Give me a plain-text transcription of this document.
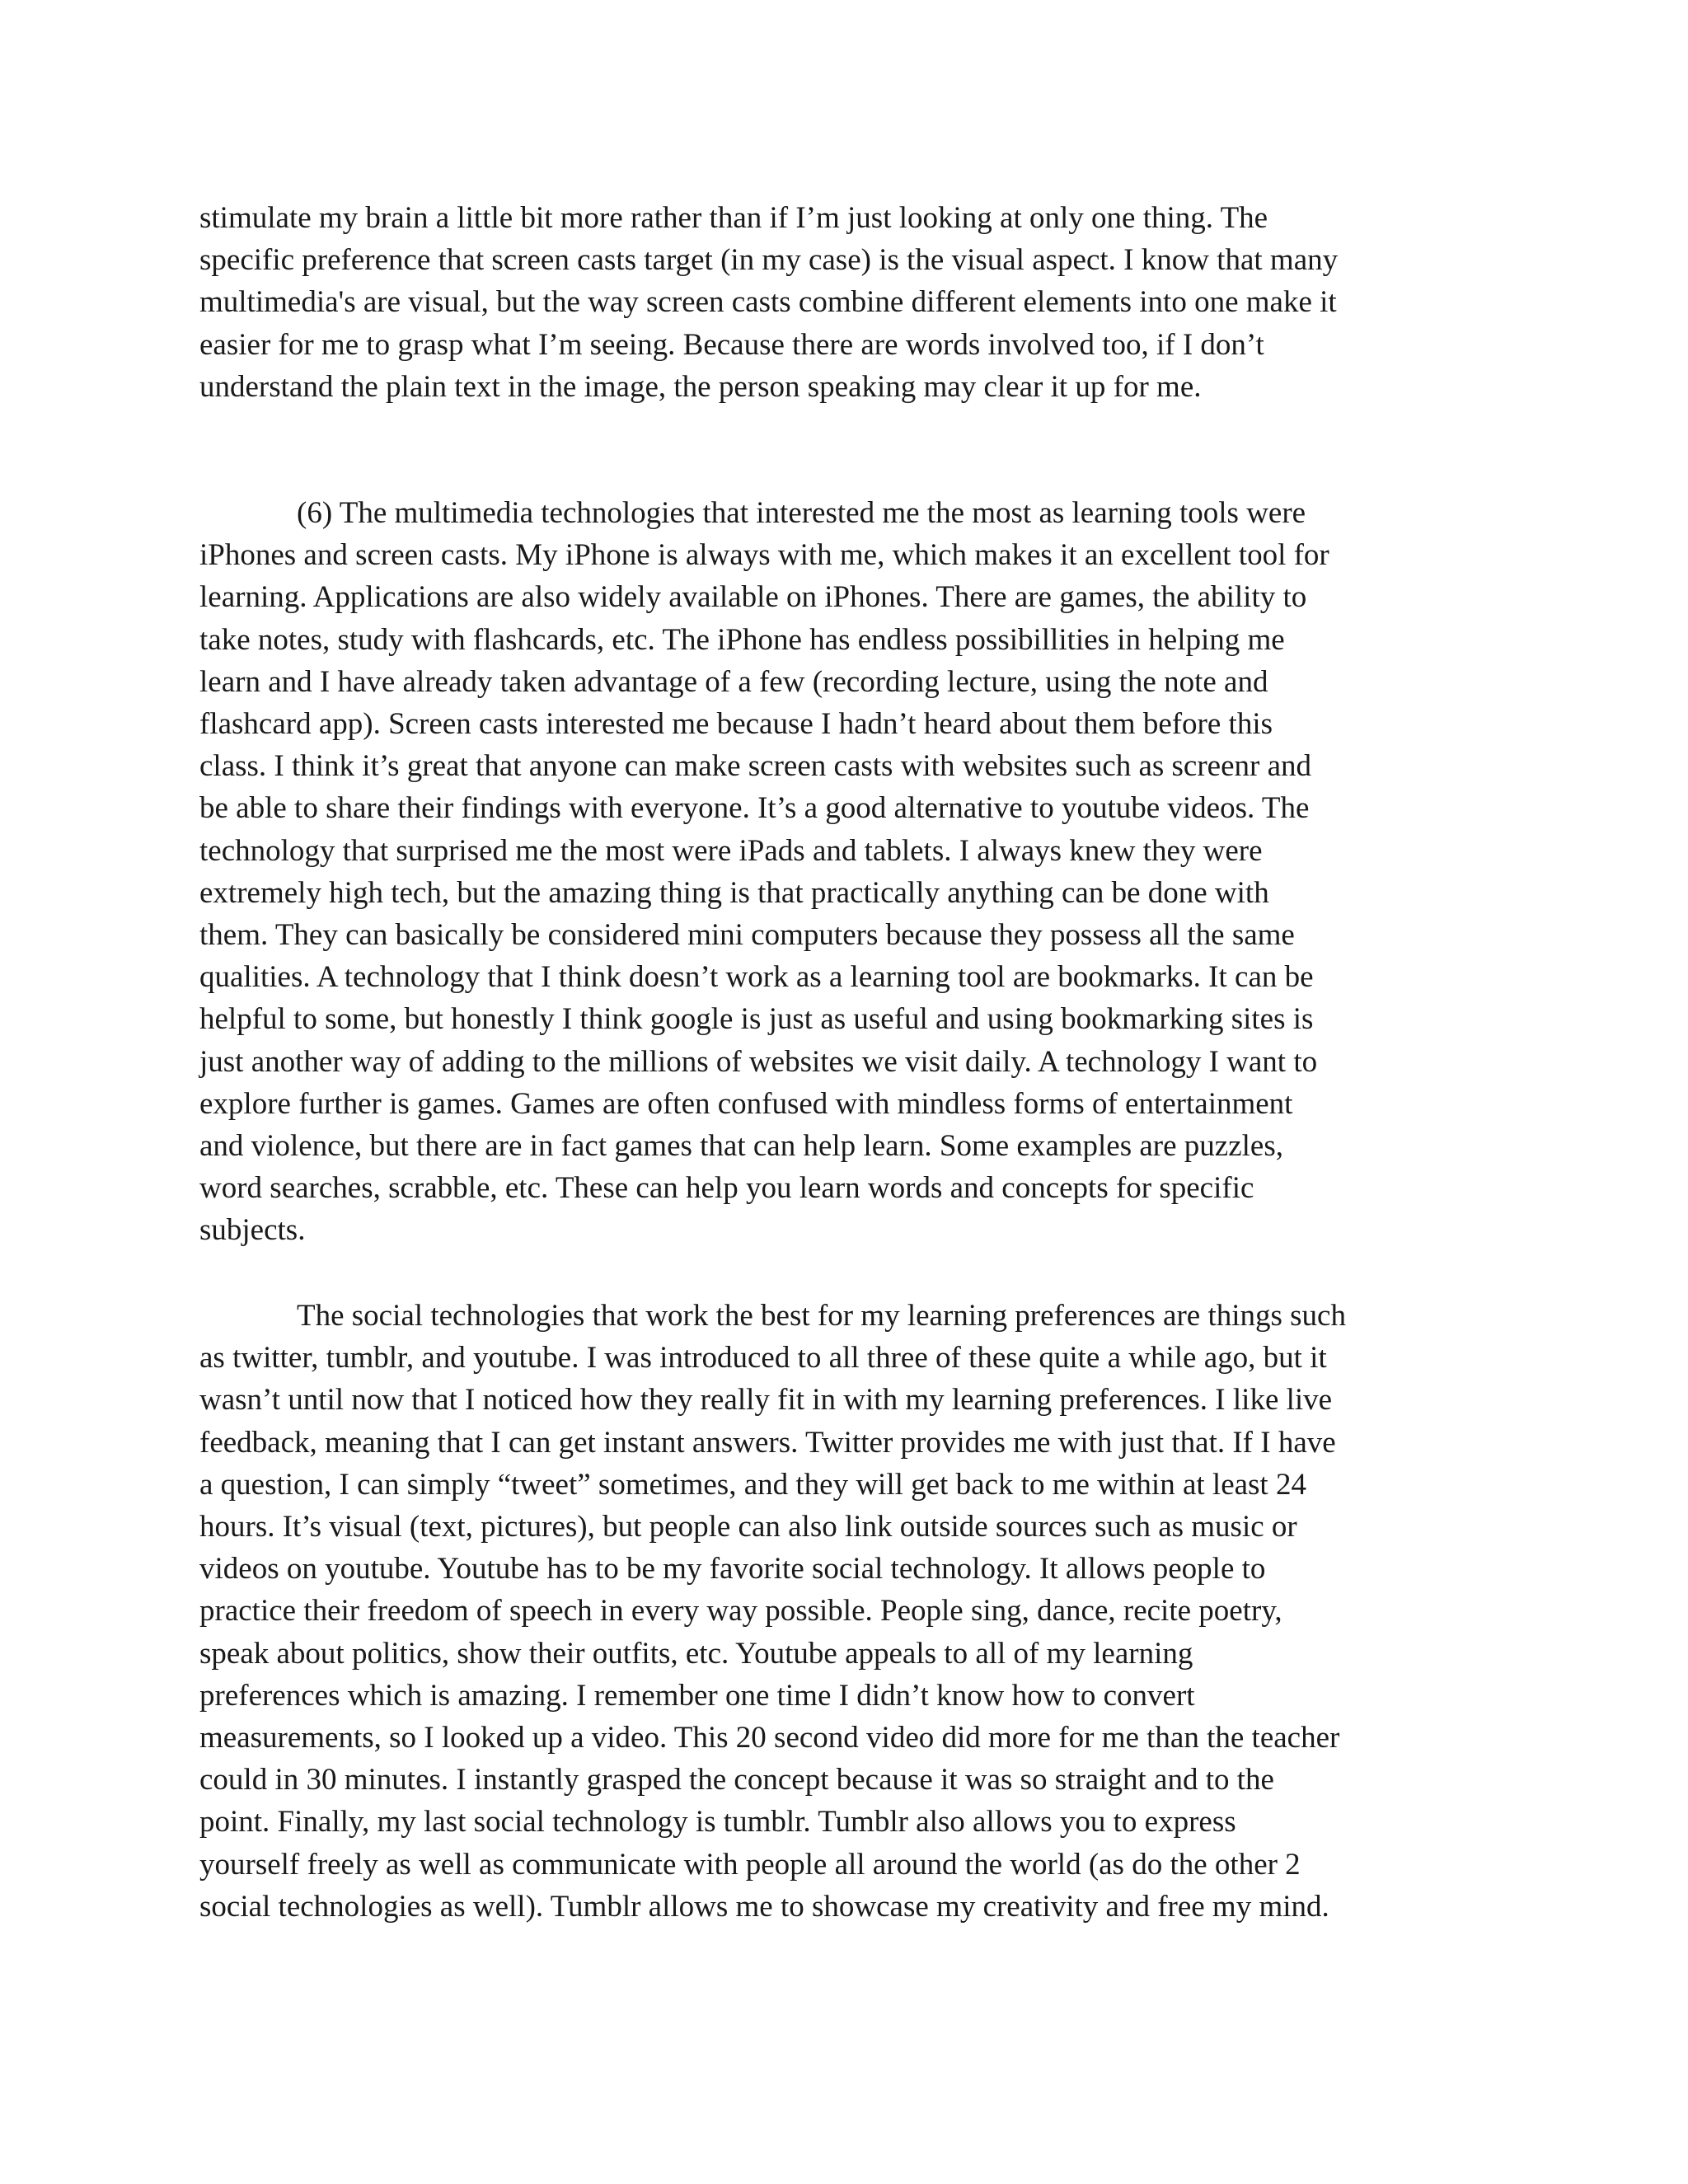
stimulate my brain a little bit more rather than if I’m just looking at only one thing. The
specific preference that screen casts target (in my case) is the visual aspect. I know that many
multimedia's are visual, but the way screen casts combine different elements into one make it
easier for me to grasp what I’m seeing. Because there are words involved too, if I don’t
understand the plain text in the image, the person speaking may clear it up for me.
(6) The multimedia technologies that interested me the most as learning tools were
iPhones and screen casts. My iPhone is always with me, which makes it an excellent tool for
learning. Applications are also widely available on iPhones. There are games, the ability to
take notes, study with flashcards, etc. The iPhone has endless possibillities in helping me
learn and I have already taken advantage of a few (recording lecture, using the note and
flashcard app). Screen casts interested me because I hadn’t heard about them before this
class. I think it’s great that anyone can make screen casts with websites such as screenr and
be able to share their findings with everyone. It’s a good alternative to youtube videos. The
technology that surprised me the most were iPads and tablets. I always knew they were
extremely high tech, but the amazing thing is that practically anything can be done with
them. They can basically be considered mini computers because they possess all the same
qualities. A technology that I think doesn’t work as a learning tool are bookmarks. It can be
helpful to some, but honestly I think google is just as useful and using bookmarking sites is
just another way of adding to the millions of websites we visit daily. A technology I want to
explore further is games. Games are often confused with mindless forms of entertainment
and violence, but there are in fact games that can help learn. Some examples are puzzles,
word searches, scrabble, etc. These can help you learn words and concepts for specific
subjects.
The social technologies that work the best for my learning preferences are things such
as twitter, tumblr, and youtube. I was introduced to all three of these quite a while ago, but it
wasn’t until now that I noticed how they really fit in with my learning preferences. I like live
feedback, meaning that I can get instant answers. Twitter provides me with just that. If I have
a question, I can simply “tweet” sometimes, and they will get back to me within at least 24
hours. It’s visual (text, pictures), but people can also link outside sources such as music or
videos on youtube. Youtube has to be my favorite social technology. It allows people to
practice their freedom of speech in every way possible. People sing, dance, recite poetry,
speak about politics, show their outfits, etc. Youtube appeals to all of my learning
preferences which is amazing. I remember one time I didn’t know how to convert
measurements, so I looked up a video. This 20 second video did more for me than the teacher
could in 30 minutes. I instantly grasped the concept because it was so straight and to the
point. Finally, my last social technology is tumblr. Tumblr also allows you to express
yourself freely as well as communicate with people all around the world (as do the other 2
social technologies as well). Tumblr allows me to showcase my creativity and free my mind.
